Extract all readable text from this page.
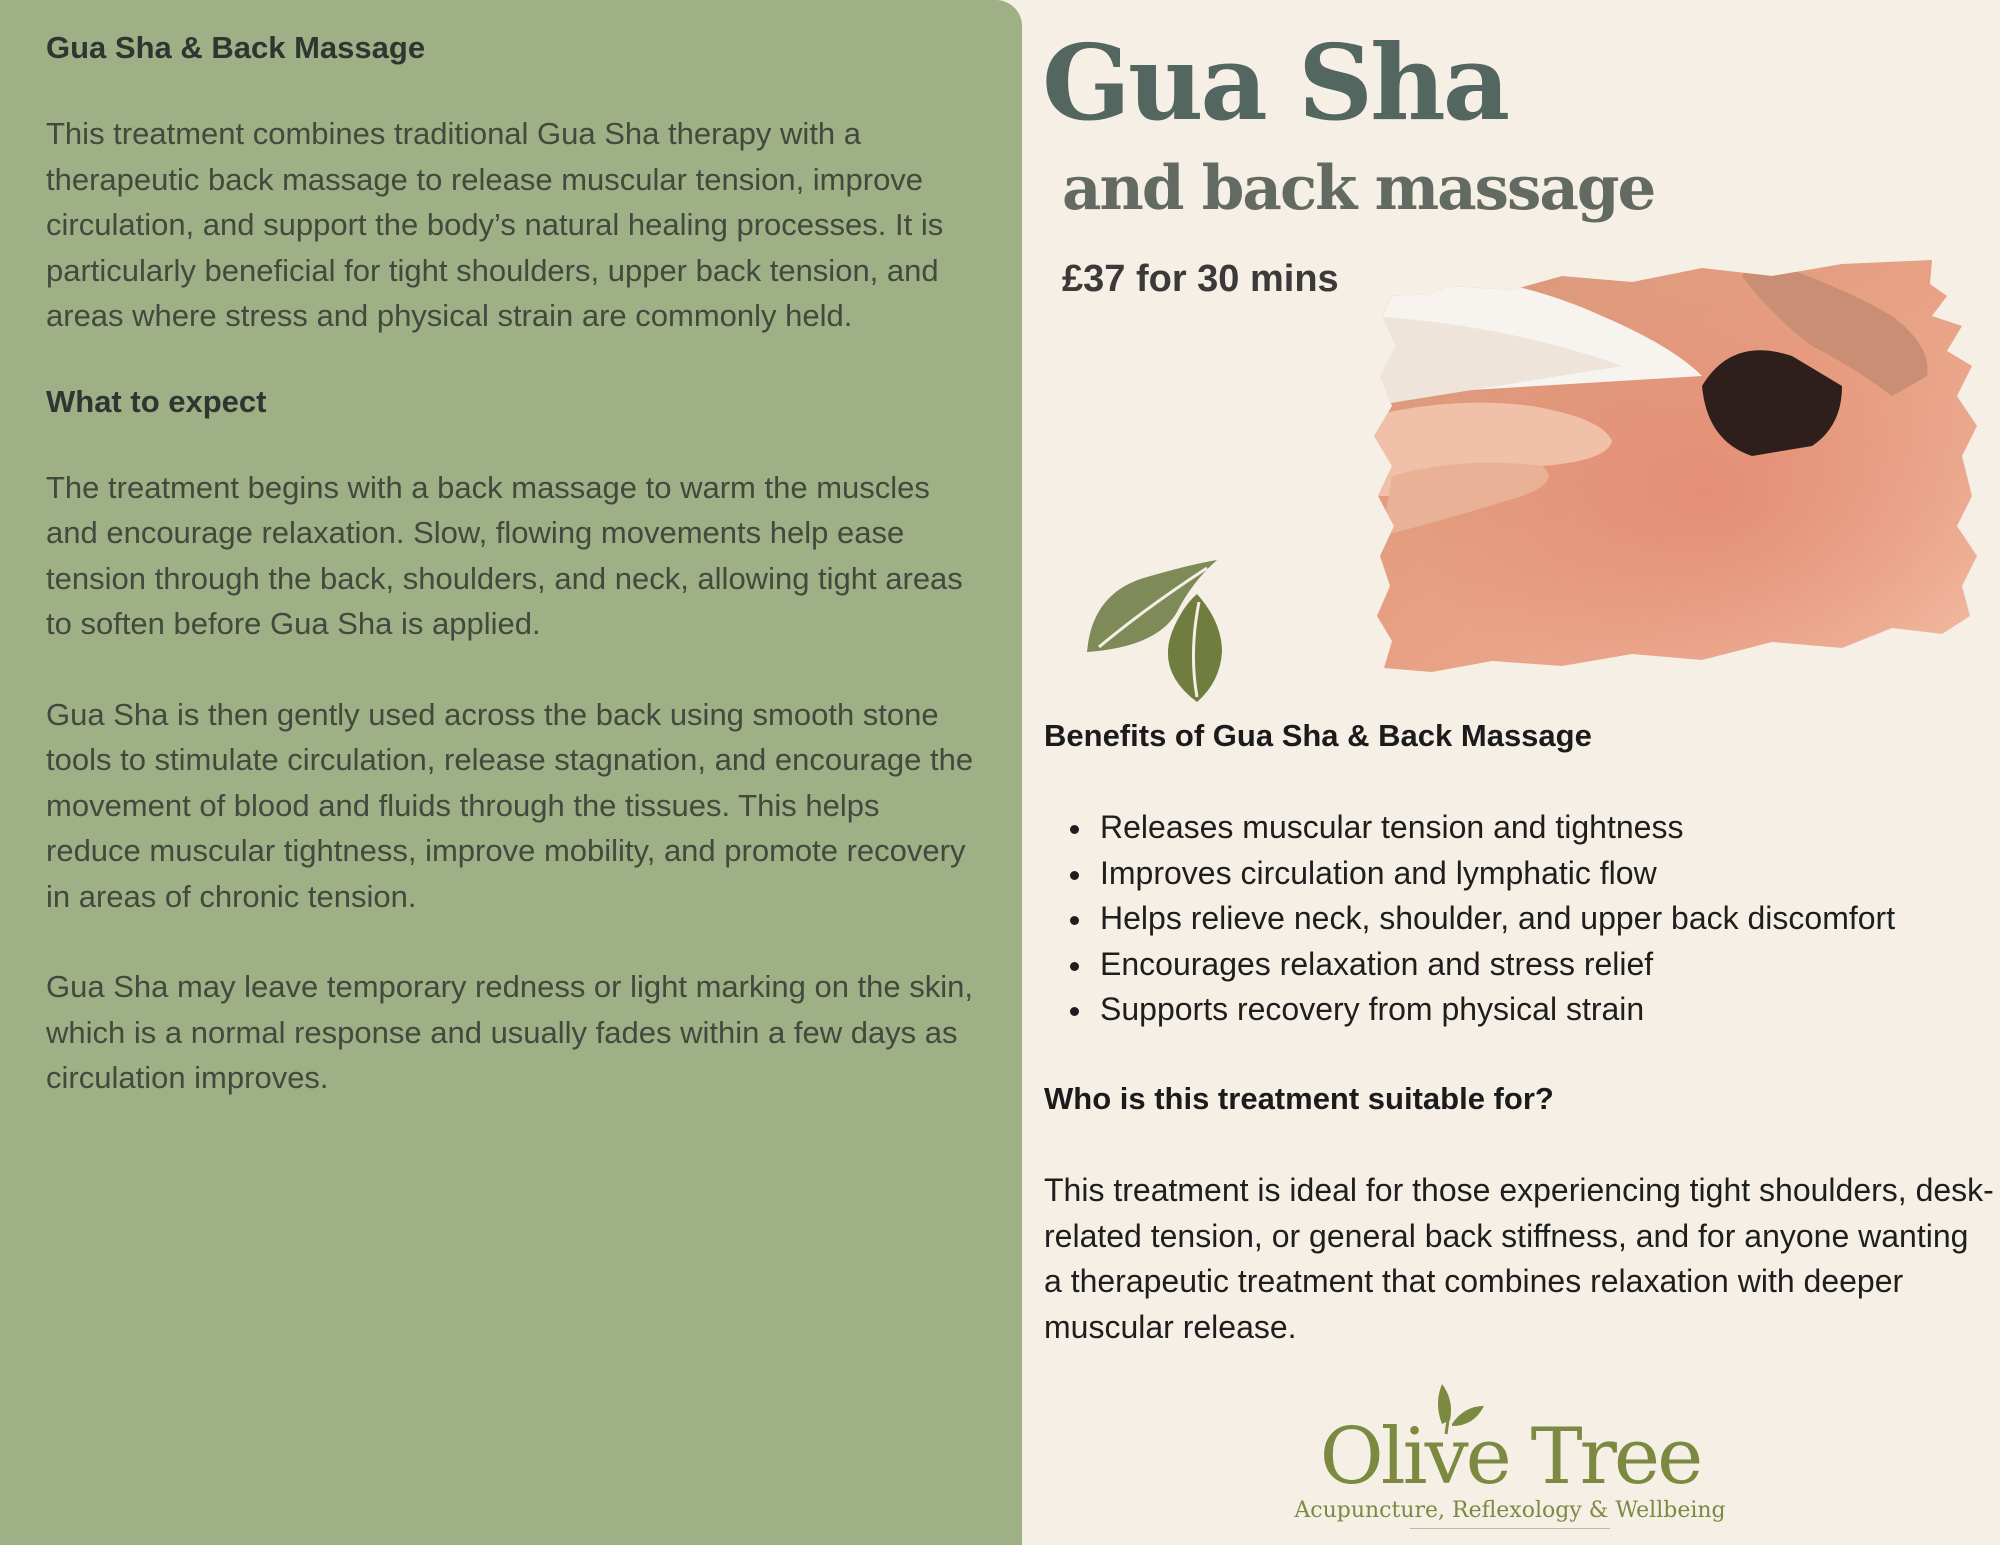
Gua Sha & Back Massage

This treatment combines traditional Gua Sha therapy with a therapeutic back massage to release muscular tension, improve circulation, and support the body’s natural healing processes. It is particularly beneficial for tight shoulders, upper back tension, and areas where stress and physical strain are commonly held.

What to expect

The treatment begins with a back massage to warm the muscles and encourage relaxation. Slow, flowing movements help ease tension through the back, shoulders, and neck, allowing tight areas to soften before Gua Sha is applied.

Gua Sha is then gently used across the back using smooth stone tools to stimulate circulation, release stagnation, and encourage the movement of blood and fluids through the tissues. This helps reduce muscular tightness, improve mobility, and promote recovery in areas of chronic tension.

Gua Sha may leave temporary redness or light marking on the skin, which is a normal response and usually fades within a few days as circulation improves.

Gua Sha
and back massage
£37 for 30 mins
Benefits of Gua Sha & Back Massage
Releases muscular tension and tightness
Improves circulation and lymphatic flow
Helps relieve neck, shoulder, and upper back discomfort
Encourages relaxation and stress relief
Supports recovery from physical strain
Who is this treatment suitable for?

This treatment is ideal for those experiencing tight shoulders, desk-related tension, or general back stiffness, and for anyone wanting a therapeutic treatment that combines relaxation with deeper muscular release.

Olive Tree
Acupuncture, Reflexology & Wellbeing
